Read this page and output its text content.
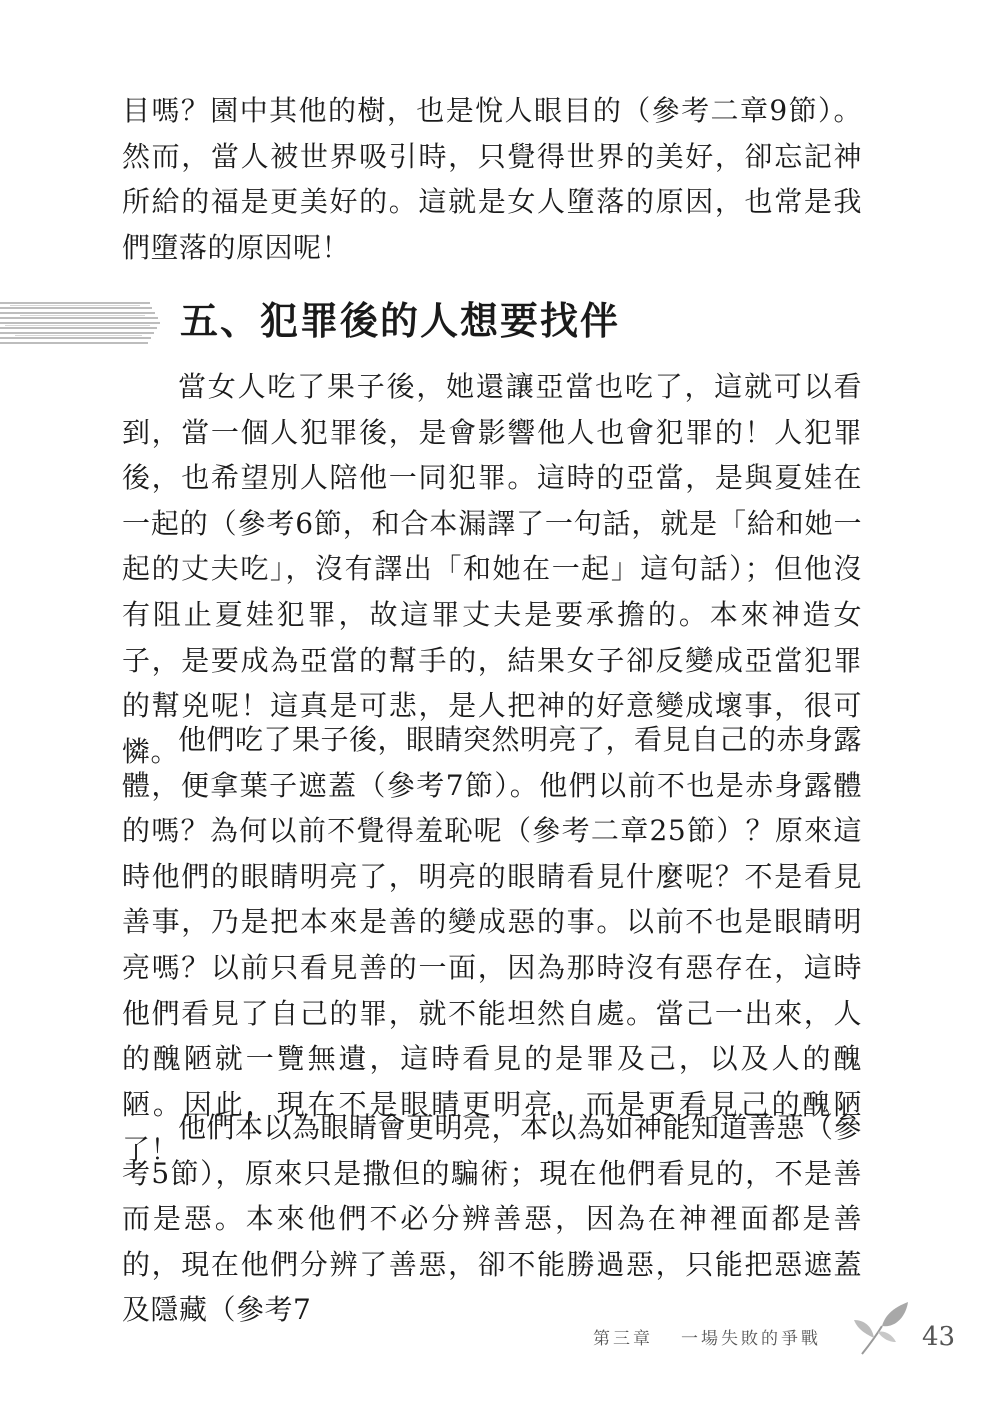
目嗎？園中其他的樹，也是悅人眼目的（參考二章9節）。然而，當人被世界吸引時，只覺得世界的美好，卻忘記神所給的福是更美好的。這就是女人墮落的原因，也常是我們墮落的原因呢！

五、犯罪後的人想要找伴

當女人吃了果子後，她還讓亞當也吃了，這就可以看到，當一個人犯罪後，是會影響他人也會犯罪的！人犯罪後，也希望別人陪他一同犯罪。這時的亞當，是與夏娃在一起的（參考6節，和合本漏譯了一句話，就是「給和她一起的丈夫吃」，沒有譯出「和她在一起」這句話）；但他沒有阻止夏娃犯罪，故這罪丈夫是要承擔的。本來神造女子，是要成為亞當的幫手的，結果女子卻反變成亞當犯罪的幫兇呢！這真是可悲，是人把神的好意變成壞事，很可憐。

他們吃了果子後，眼睛突然明亮了，看見自己的赤身露體，便拿葉子遮蓋（參考7節）。他們以前不也是赤身露體的嗎？為何以前不覺得羞恥呢（參考二章25節）？原來這時他們的眼睛明亮了，明亮的眼睛看見什麼呢？不是看見善事，乃是把本來是善的變成惡的事。以前不也是眼睛明亮嗎？以前只看見善的一面，因為那時沒有惡存在，這時他們看見了自己的罪，就不能坦然自處。當己一出來，人的醜陋就一覽無遺，這時看見的是罪及己，以及人的醜陋。因此，現在不是眼睛更明亮，而是更看見己的醜陋了！

他們本以為眼睛會更明亮，本以為如神能知道善惡（參考5節），原來只是撒但的騙術；現在他們看見的，不是善而是惡。本來他們不必分辨善惡，因為在神裡面都是善的，現在他們分辨了善惡，卻不能勝過惡，只能把惡遮蓋及隱藏（參考7

第三章 一場失敗的爭戰	43
